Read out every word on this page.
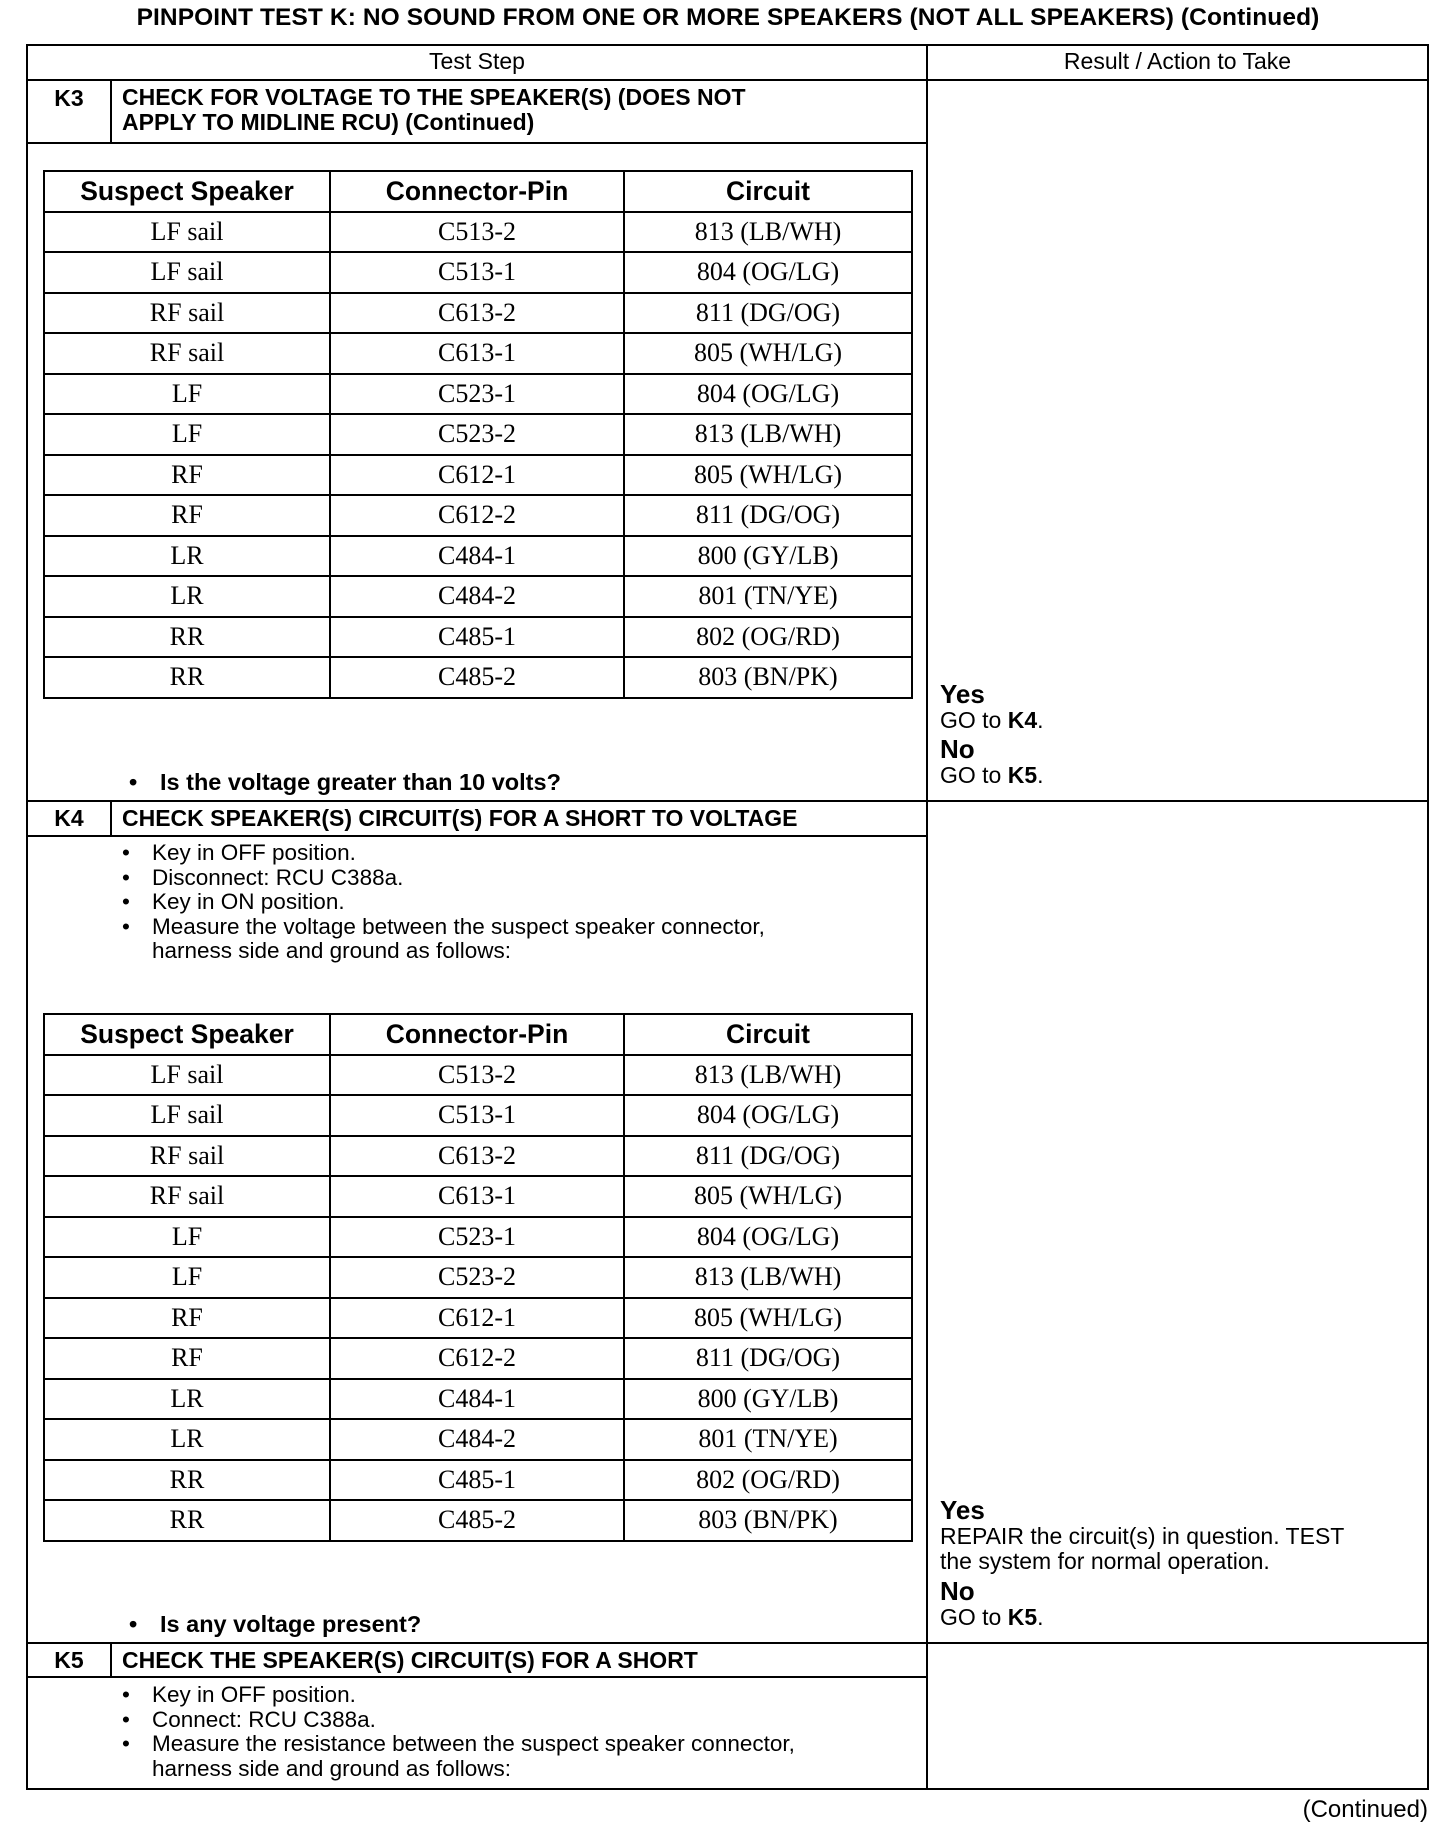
PINPOINT TEST K: NO SOUND FROM ONE OR MORE SPEAKERS (NOT ALL SPEAKERS) (Continued)
Test Step	Result / Action to Take
K3	CHECK FOR VOLTAGE TO THE SPEAKER(S) (DOES NOT
APPLY TO MIDLINE RCU) (Continued)
Suspect Speaker	Connector-Pin	Circuit
LF sail	C513-2	813 (LB/WH)
LF sail	C513-1	804 (OG/LG)
RF sail	C613-2	811 (DG/OG)
RF sail	C613-1	805 (WH/LG)
LF	C523-1	804 (OG/LG)
LF	C523-2	813 (LB/WH)
RF	C612-1	805 (WH/LG)
RF	C612-2	811 (DG/OG)
LR	C484-1	800 (GY/LB)
LR	C484-2	801 (TN/YE)
RR	C485-1	802 (OG/RD)
RR	C485-2	803 (BN/PK)
• Is the voltage greater than 10 volts?
Yes
GO to K4.
No
GO to K5.
K4	CHECK SPEAKER(S) CIRCUIT(S) FOR A SHORT TO VOLTAGE
• Key in OFF position.
• Disconnect: RCU C388a.
• Key in ON position.
• Measure the voltage between the suspect speaker connector,
harness side and ground as follows:
Suspect Speaker	Connector-Pin	Circuit
LF sail	C513-2	813 (LB/WH)
LF sail	C513-1	804 (OG/LG)
RF sail	C613-2	811 (DG/OG)
RF sail	C613-1	805 (WH/LG)
LF	C523-1	804 (OG/LG)
LF	C523-2	813 (LB/WH)
RF	C612-1	805 (WH/LG)
RF	C612-2	811 (DG/OG)
LR	C484-1	800 (GY/LB)
LR	C484-2	801 (TN/YE)
RR	C485-1	802 (OG/RD)
RR	C485-2	803 (BN/PK)
• Is any voltage present?
Yes
REPAIR the circuit(s) in question. TEST
the system for normal operation.
No
GO to K5.
K5	CHECK THE SPEAKER(S) CIRCUIT(S) FOR A SHORT
• Key in OFF position.
• Connect: RCU C388a.
• Measure the resistance between the suspect speaker connector,
harness side and ground as follows:
(Continued)
